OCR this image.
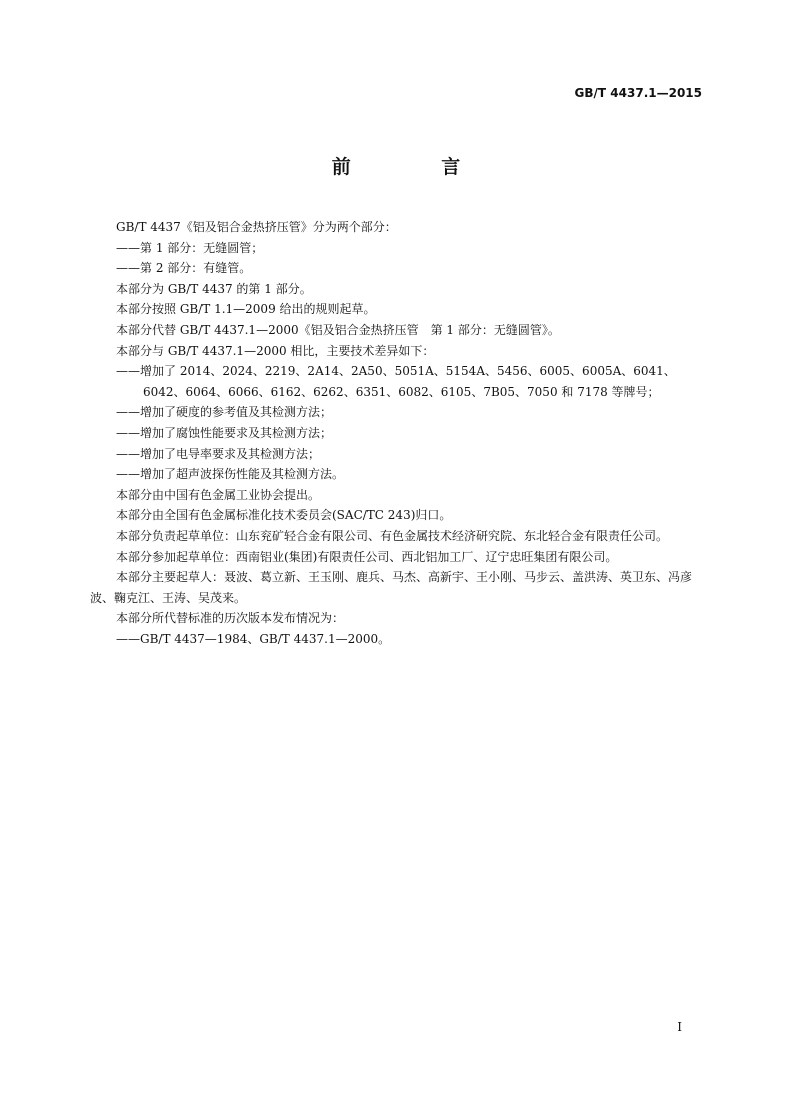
GB/T 4437.1—2015
前 言

GB/T 4437《铝及铝合金热挤压管》分为两个部分：

——第 1 部分：无缝圆管；

——第 2 部分：有缝管。

本部分为 GB/T 4437 的第 1 部分。

本部分按照 GB/T 1.1—2009 给出的规则起草。

本部分代替 GB/T 4437.1—2000《铝及铝合金热挤压管　第 1 部分：无缝圆管》。

本部分与 GB/T 4437.1—2000 相比，主要技术差异如下：

——增加了 2014、2024、2219、2A14、2A50、5051A、5154A、5456、6005、6005A、6041、6042、6064、6066、6162、6262、6351、6082、6105、7B05、7050 和 7178 等牌号；

——增加了硬度的参考值及其检测方法；

——增加了腐蚀性能要求及其检测方法；

——增加了电导率要求及其检测方法；

——增加了超声波探伤性能及其检测方法。

本部分由中国有色金属工业协会提出。

本部分由全国有色金属标准化技术委员会(SAC/TC 243)归口。

本部分负责起草单位：山东兖矿轻合金有限公司、有色金属技术经济研究院、东北轻合金有限责任公司。

本部分参加起草单位：西南铝业(集团)有限责任公司、西北铝加工厂、辽宁忠旺集团有限公司。

本部分主要起草人：聂波、葛立新、王玉刚、鹿兵、马杰、高新宇、王小刚、马步云、盖洪涛、英卫东、冯彦波、鞠克江、王涛、吴茂来。

本部分所代替标准的历次版本发布情况为：

——GB/T 4437—1984、GB/T 4437.1—2000。

I
